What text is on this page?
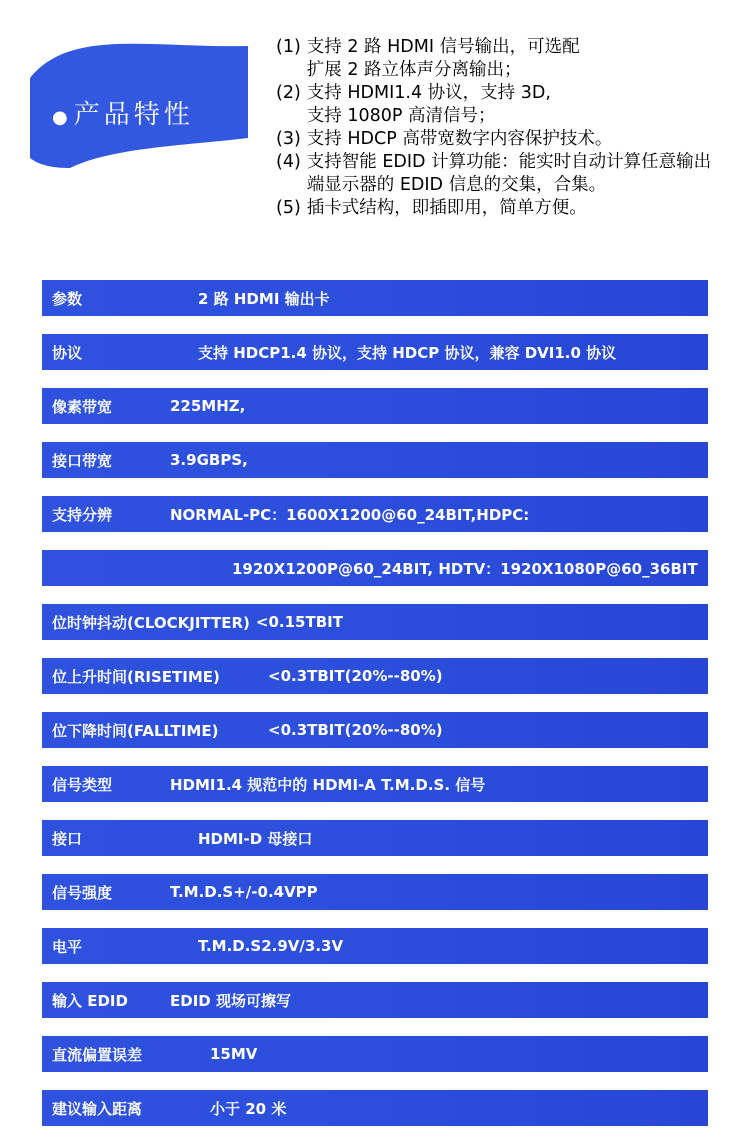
●产品特性
(1) 支持 2 路 HDMI 信号输出，可选配
扩展 2 路立体声分离输出；
(2) 支持 HDMI1.4 协议，支持 3D,
支持 1080P 高清信号；
(3) 支持 HDCP 高带宽数字内容保护技术。
(4) 支持智能 EDID 计算功能：能实时自动计算任意输出端显示器的 EDID 信息的交集，合集。
(5) 插卡式结构，即插即用，简单方便。
参数	2 路 HDMI 输出卡
协议	支持 HDCP1.4 协议，支持 HDCP 协议，兼容 DVI1.0 协议
像素带宽	225MHZ,
接口带宽	3.9GBPS,
支持分辨	NORMAL-PC：1600X1200@60_24BIT,HDPC:
1920X1200P@60_24BIT, HDTV：1920X1080P@60_36BIT
位时钟抖动(CLOCKJITTER) <0.15TBIT
位上升时间(RISETIME)	<0.3TBIT(20%--80%)
位下降时间(FALLTIME)	<0.3TBIT(20%--80%)
信号类型	HDMI1.4 规范中的 HDMI-A T.M.D.S. 信号
接口	HDMI-D 母接口
信号强度	T.M.D.S+/-0.4VPP
电平	T.M.D.S2.9V/3.3V
输入 EDID	EDID 现场可擦写
直流偏置误差	15MV
建议输入距离	小于 20 米
